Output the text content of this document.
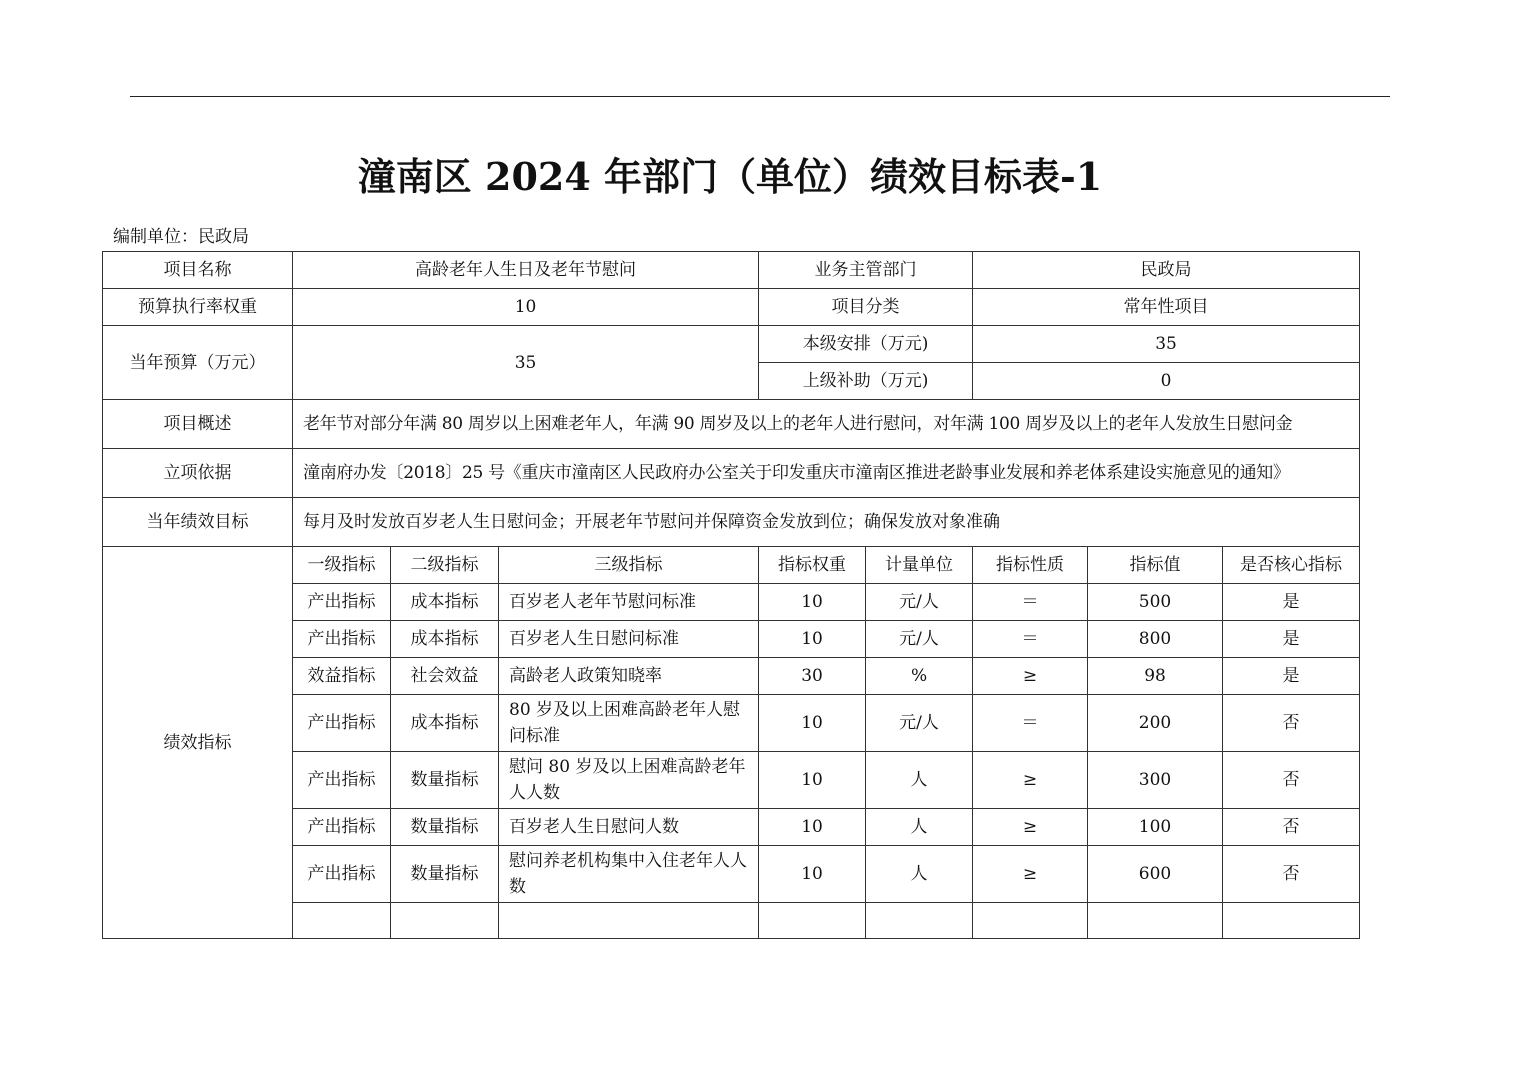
潼南区 2024 年部门（单位）绩效目标表-1
编制单位：民政局
项目名称	高龄老年人生日及老年节慰问			业务主管部门		民政局		
预算执行率权重	10			项目分类		常年性项目		
当年预算（万元）	35			本级安排（万元)		35		
				上级补助（万元)		0		
项目概述	老年节对部分年满 80 周岁以上困难老年人，年满 90 周岁及以上的老年人进行慰问，对年满 100 周岁及以上的老年人发放生日慰问金							
立项依据	潼南府办发〔2018〕25 号《重庆市潼南区人民政府办公室关于印发重庆市潼南区推进老龄事业发展和养老体系建设实施意见的通知》							
当年绩效目标	每月及时发放百岁老人生日慰问金；开展老年节慰问并保障资金发放到位；确保发放对象准确							
绩效指标	一级指标	二级指标	三级指标	指标权重	计量单位	指标性质	指标值	是否核心指标
	产出指标	成本指标	百岁老人老年节慰问标准	10	元/人	＝	500	是
	产出指标	成本指标	百岁老人生日慰问标准	10	元/人	＝	800	是
	效益指标	社会效益	高龄老人政策知晓率	30	%	≥	98	是
	产出指标	成本指标	80 岁及以上困难高龄老年人慰问标准	10	元/人	＝	200	否
	产出指标	数量指标	慰问 80 岁及以上困难高龄老年人人数	10	人	≥	300	否
	产出指标	数量指标	百岁老人生日慰问人数	10	人	≥	100	否
	产出指标	数量指标	慰问养老机构集中入住老年人人数	10	人	≥	600	否
